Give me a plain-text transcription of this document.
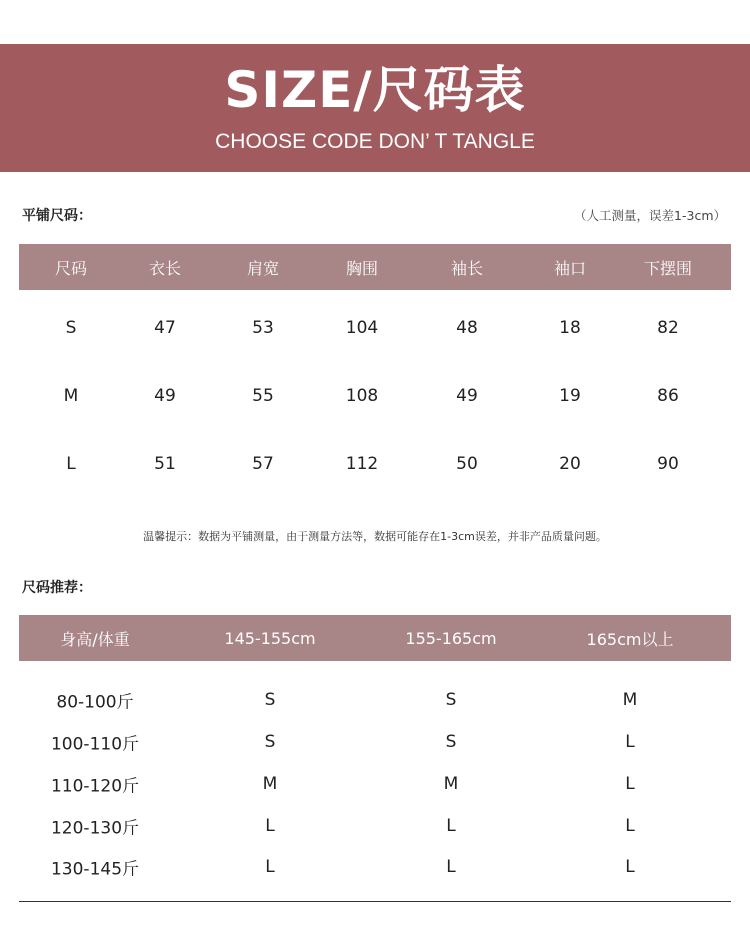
SIZE/尺码表
CHOOSE CODE DON’ T TANGLE
平铺尺码：	（人工测量，误差1-3cm）
尺码	衣长	肩宽	胸围	袖长	袖口	下摆围
S	47	53	104	48	18	82
M	49	55	108	49	19	86
L	51	57	112	50	20	90
温馨提示：数据为平铺测量，由于测量方法等，数据可能存在1-3cm误差，并非产品质量问题。
尺码推荐：
身高/体重	145-155cm	155-165cm	165cm以上
80-100斤	S	S	M
100-110斤	S	S	L
110-120斤	M	M	L
120-130斤	L	L	L
130-145斤	L	L	L
